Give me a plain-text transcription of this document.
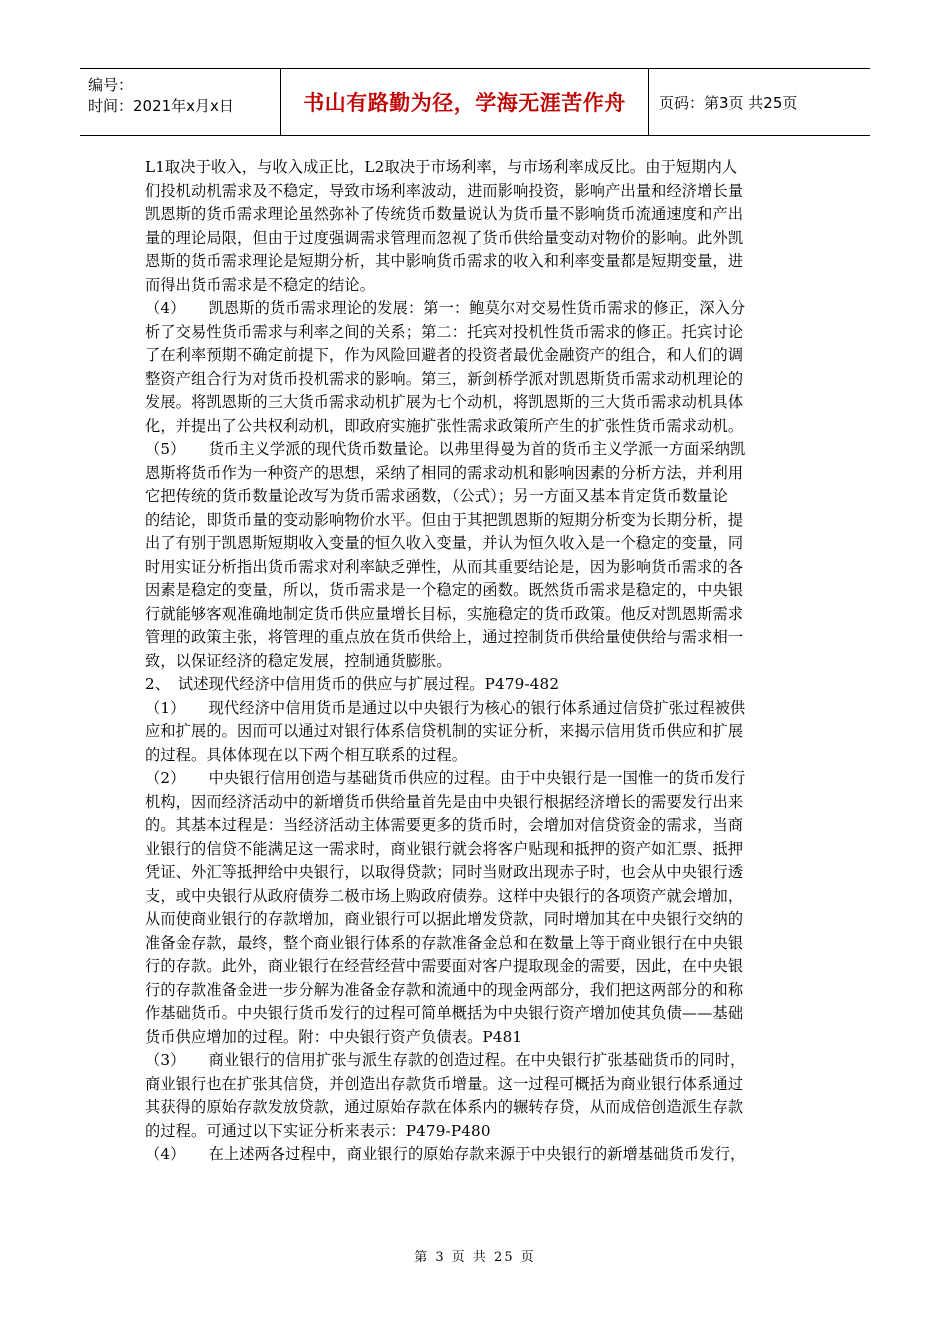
编号：
时间：2021年x月x日	书山有路勤为径，学海无涯苦作舟 页码：第3页 共25页
L1取决于收入，与收入成正比，L2取决于市场利率，与市场利率成反比。由于短期内人
们投机动机需求及不稳定，导致市场利率波动，进而影响投资，影响产出量和经济增长量
凯恩斯的货币需求理论虽然弥补了传统货币数量说认为货币量不影响货币流通速度和产出
量的理论局限，但由于过度强调需求管理而忽视了货币供给量变动对物价的影响。此外凯
恩斯的货币需求理论是短期分析，其中影响货币需求的收入和利率变量都是短期变量，进
而得出货币需求是不稳定的结论。
（4）　　凯恩斯的货币需求理论的发展：第一：鲍莫尔对交易性货币需求的修正，深入分
析了交易性货币需求与利率之间的关系；第二：托宾对投机性货币需求的修正。托宾讨论
了在利率预期不确定前提下，作为风险回避者的投资者最优金融资产的组合，和人们的调
整资产组合行为对货币投机需求的影响。第三，新剑桥学派对凯恩斯货币需求动机理论的
发展。将凯恩斯的三大货币需求动机扩展为七个动机，将凯恩斯的三大货币需求动机具体
化，并提出了公共权利动机，即政府实施扩张性需求政策所产生的扩张性货币需求动机。
（5）　　货币主义学派的现代货币数量论。以弗里得曼为首的货币主义学派一方面采纳凯
恩斯将货币作为一种资产的思想，采纳了相同的需求动机和影响因素的分析方法，并利用
它把传统的货币数量论改写为货币需求函数，（公式）；另一方面又基本肯定货币数量论
的结论，即货币量的变动影响物价水平。但由于其把凯恩斯的短期分析变为长期分析，提
出了有别于凯恩斯短期收入变量的恒久收入变量，并认为恒久收入是一个稳定的变量，同
时用实证分析指出货币需求对利率缺乏弹性，从而其重要结论是，因为影响货币需求的各
因素是稳定的变量，所以，货币需求是一个稳定的函数。既然货币需求是稳定的，中央银
行就能够客观准确地制定货币供应量增长目标，实施稳定的货币政策。他反对凯恩斯需求
管理的政策主张，将管理的重点放在货币供给上，通过控制货币供给量使供给与需求相一
致，以保证经济的稳定发展，控制通货膨胀。
2、　试述现代经济中信用货币的供应与扩展过程。P479-482
（1）　　现代经济中信用货币是通过以中央银行为核心的银行体系通过信贷扩张过程被供
应和扩展的。因而可以通过对银行体系信贷机制的实证分析，来揭示信用货币供应和扩展
的过程。具体体现在以下两个相互联系的过程。
（2）　　中央银行信用创造与基础货币供应的过程。由于中央银行是一国惟一的货币发行
机构，因而经济活动中的新增货币供给量首先是由中央银行根据经济增长的需要发行出来
的。其基本过程是：当经济活动主体需要更多的货币时，会增加对信贷资金的需求，当商
业银行的信贷不能满足这一需求时，商业银行就会将客户贴现和抵押的资产如汇票、抵押
凭证、外汇等抵押给中央银行，以取得贷款；同时当财政出现赤子时，也会从中央银行透
支，或中央银行从政府债券二极市场上购政府债券。这样中央银行的各项资产就会增加，
从而使商业银行的存款增加，商业银行可以据此增发贷款，同时增加其在中央银行交纳的
准备金存款，最终，整个商业银行体系的存款准备金总和在数量上等于商业银行在中央银
行的存款。此外，商业银行在经营经营中需要面对客户提取现金的需要，因此，在中央银
行的存款准备金进一步分解为准备金存款和流通中的现金两部分，我们把这两部分的和称
作基础货币。中央银行货币发行的过程可简单概括为中央银行资产增加使其负债——基础
货币供应增加的过程。附：中央银行资产负债表。P481
（3）　　商业银行的信用扩张与派生存款的创造过程。在中央银行扩张基础货币的同时，
商业银行也在扩张其信贷，并创造出存款货币增量。这一过程可概括为商业银行体系通过
其获得的原始存款发放贷款，通过原始存款在体系内的辗转存贷，从而成倍创造派生存款
的过程。可通过以下实证分析来表示：P479-P480
（4）　　在上述两各过程中，商业银行的原始存款来源于中央银行的新增基础货币发行，
第 3 页 共 25 页
